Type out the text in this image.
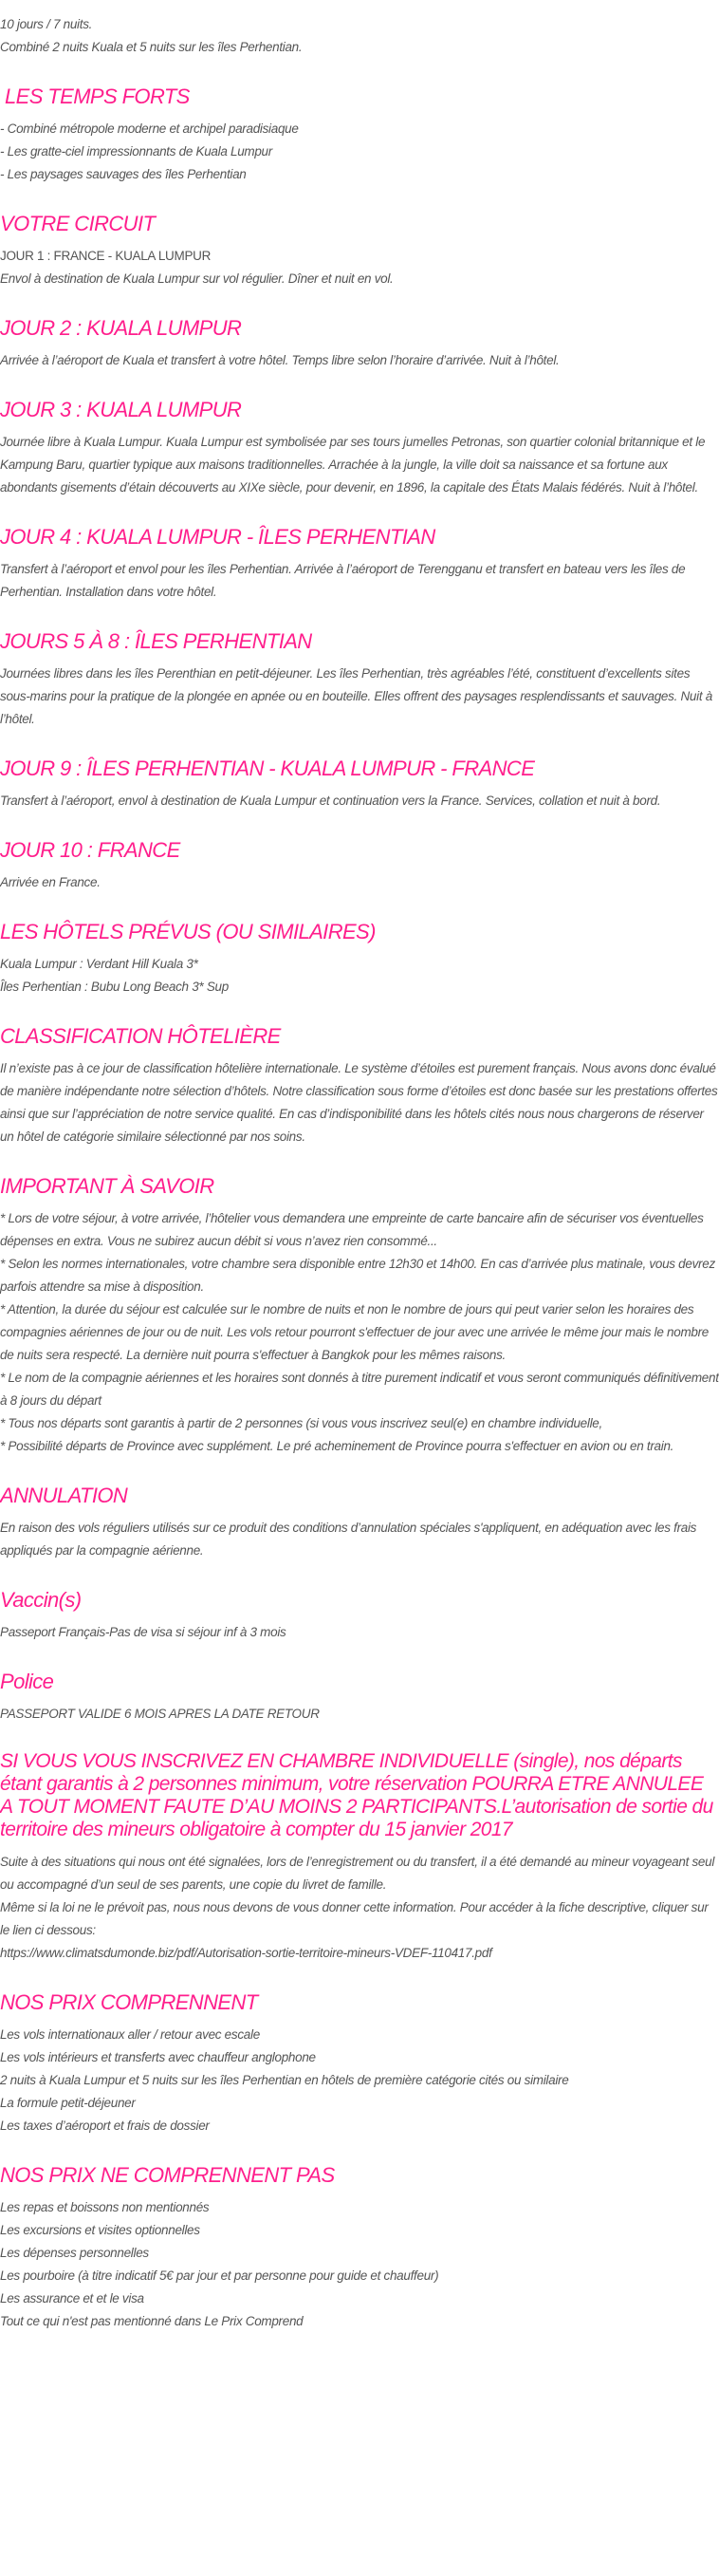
10 jours / 7 nuits.

Combiné 2 nuits Kuala et 5 nuits sur les îles Perhentian.

LES TEMPS FORTS

- Combiné métropole moderne et archipel paradisiaque

- Les gratte-ciel impressionnants de Kuala Lumpur

- Les paysages sauvages des îles Perhentian

VOTRE CIRCUIT

JOUR 1 : FRANCE - KUALA LUMPUR

Envol à destination de Kuala Lumpur sur vol régulier. Dîner et nuit en vol.

JOUR 2 : KUALA LUMPUR

Arrivée à l’aéroport de Kuala et transfert à votre hôtel. Temps libre selon l’horaire d’arrivée. Nuit à l’hôtel.

JOUR 3 : KUALA LUMPUR

Journée libre à Kuala Lumpur. Kuala Lumpur est symbolisée par ses tours jumelles Petronas, son quartier colonial britannique et le Kampung Baru, quartier typique aux maisons traditionnelles. Arrachée à la jungle, la ville doit sa naissance et sa fortune aux abondants gisements d’étain découverts au XIXe siècle, pour devenir, en 1896, la capitale des États Malais fédérés. Nuit à l’hôtel.

JOUR 4 : KUALA LUMPUR - ÎLES PERHENTIAN

Transfert à l’aéroport et envol pour les îles Perhentian. Arrivée à l’aéroport de Terengganu et transfert en bateau vers les îles de Perhentian. Installation dans votre hôtel.

JOURS 5 À 8 : ÎLES PERHENTIAN

Journées libres dans les îles Perenthian en petit-déjeuner. Les îles Perhentian, très agréables l’été, constituent d’excellents sites sous-marins pour la pratique de la plongée en apnée ou en bouteille. Elles offrent des paysages resplendissants et sauvages. Nuit à l’hôtel.

JOUR 9 : ÎLES PERHENTIAN - KUALA LUMPUR - FRANCE

Transfert à l’aéroport, envol à destination de Kuala Lumpur et continuation vers la France. Services, collation et nuit à bord.

JOUR 10 : FRANCE

Arrivée en France.

LES HÔTELS PRÉVUS (OU SIMILAIRES)

Kuala Lumpur : Verdant Hill Kuala 3*

Îles Perhentian : Bubu Long Beach 3* Sup

CLASSIFICATION HÔTELIÈRE

Il n’existe pas à ce jour de classification hôtelière internationale. Le système d’étoiles est purement français. Nous avons donc évalué de manière indépendante notre sélection d’hôtels. Notre classification sous forme d’étoiles est donc basée sur les prestations offertes ainsi que sur l’appréciation de notre service qualité. En cas d’indisponibilité dans les hôtels cités nous nous chargerons de réserver un hôtel de catégorie similaire sélectionné par nos soins.

IMPORTANT À SAVOIR

* Lors de votre séjour, à votre arrivée, l’hôtelier vous demandera une empreinte de carte bancaire afin de sécuriser vos éventuelles dépenses en extra. Vous ne subirez aucun débit si vous n’avez rien consommé...

* Selon les normes internationales, votre chambre sera disponible entre 12h30 et 14h00. En cas d’arrivée plus matinale, vous devrez parfois attendre sa mise à disposition.

* Attention, la durée du séjour est calculée sur le nombre de nuits et non le nombre de jours qui peut varier selon les horaires des compagnies aériennes de jour ou de nuit. Les vols retour pourront s'effectuer de jour avec une arrivée le même jour mais le nombre de nuits sera respecté. La dernière nuit pourra s'effectuer à Bangkok pour les mêmes raisons.

* Le nom de la compagnie aériennes et les horaires sont donnés à titre purement indicatif et vous seront communiqués définitivement à 8 jours du départ

* Tous nos départs sont garantis à partir de 2 personnes (si vous vous inscrivez seul(e) en chambre individuelle,

* Possibilité départs de Province avec supplément. Le pré acheminement de Province pourra s'effectuer en avion ou en train.

ANNULATION

En raison des vols réguliers utilisés sur ce produit des conditions d’annulation spéciales s'appliquent, en adéquation avec les frais appliqués par la compagnie aérienne.

Vaccin(s)

Passeport Français-Pas de visa si séjour inf à 3 mois

Police

PASSEPORT VALIDE 6 MOIS APRES LA DATE RETOUR

SI VOUS VOUS INSCRIVEZ EN CHAMBRE INDIVIDUELLE (single), nos départs étant garantis à 2 personnes minimum, votre réservation POURRA ETRE ANNULEE A TOUT MOMENT FAUTE D’AU MOINS 2 PARTICIPANTS.L’autorisation de sortie du territoire des mineurs obligatoire à compter du 15 janvier 2017

Suite à des situations qui nous ont été signalées, lors de l’enregistrement ou du transfert, il a été demandé au mineur voyageant seul ou accompagné d’un seul de ses parents, une copie du livret de famille.

Même si la loi ne le prévoit pas, nous nous devons de vous donner cette information. Pour accéder à la fiche descriptive, cliquer sur le lien ci dessous:

https://www.climatsdumonde.biz/pdf/Autorisation-sortie-territoire-mineurs-VDEF-110417.pdf

NOS PRIX COMPRENNENT
Les vols internationaux aller / retour avec escale
Les vols intérieurs et transferts avec chauffeur anglophone
2 nuits à Kuala Lumpur et 5 nuits sur les îles Perhentian en hôtels de première catégorie cités ou similaire
La formule petit-déjeuner
Les taxes d’aéroport et frais de dossier
NOS PRIX NE COMPRENNENT PAS
Les repas et boissons non mentionnés
Les excursions et visites optionnelles
Les dépenses personnelles
Les pourboire (à titre indicatif 5€ par jour et par personne pour guide et chauffeur)
Les assurance et et le visa
Tout ce qui n'est pas mentionné dans Le Prix Comprend
